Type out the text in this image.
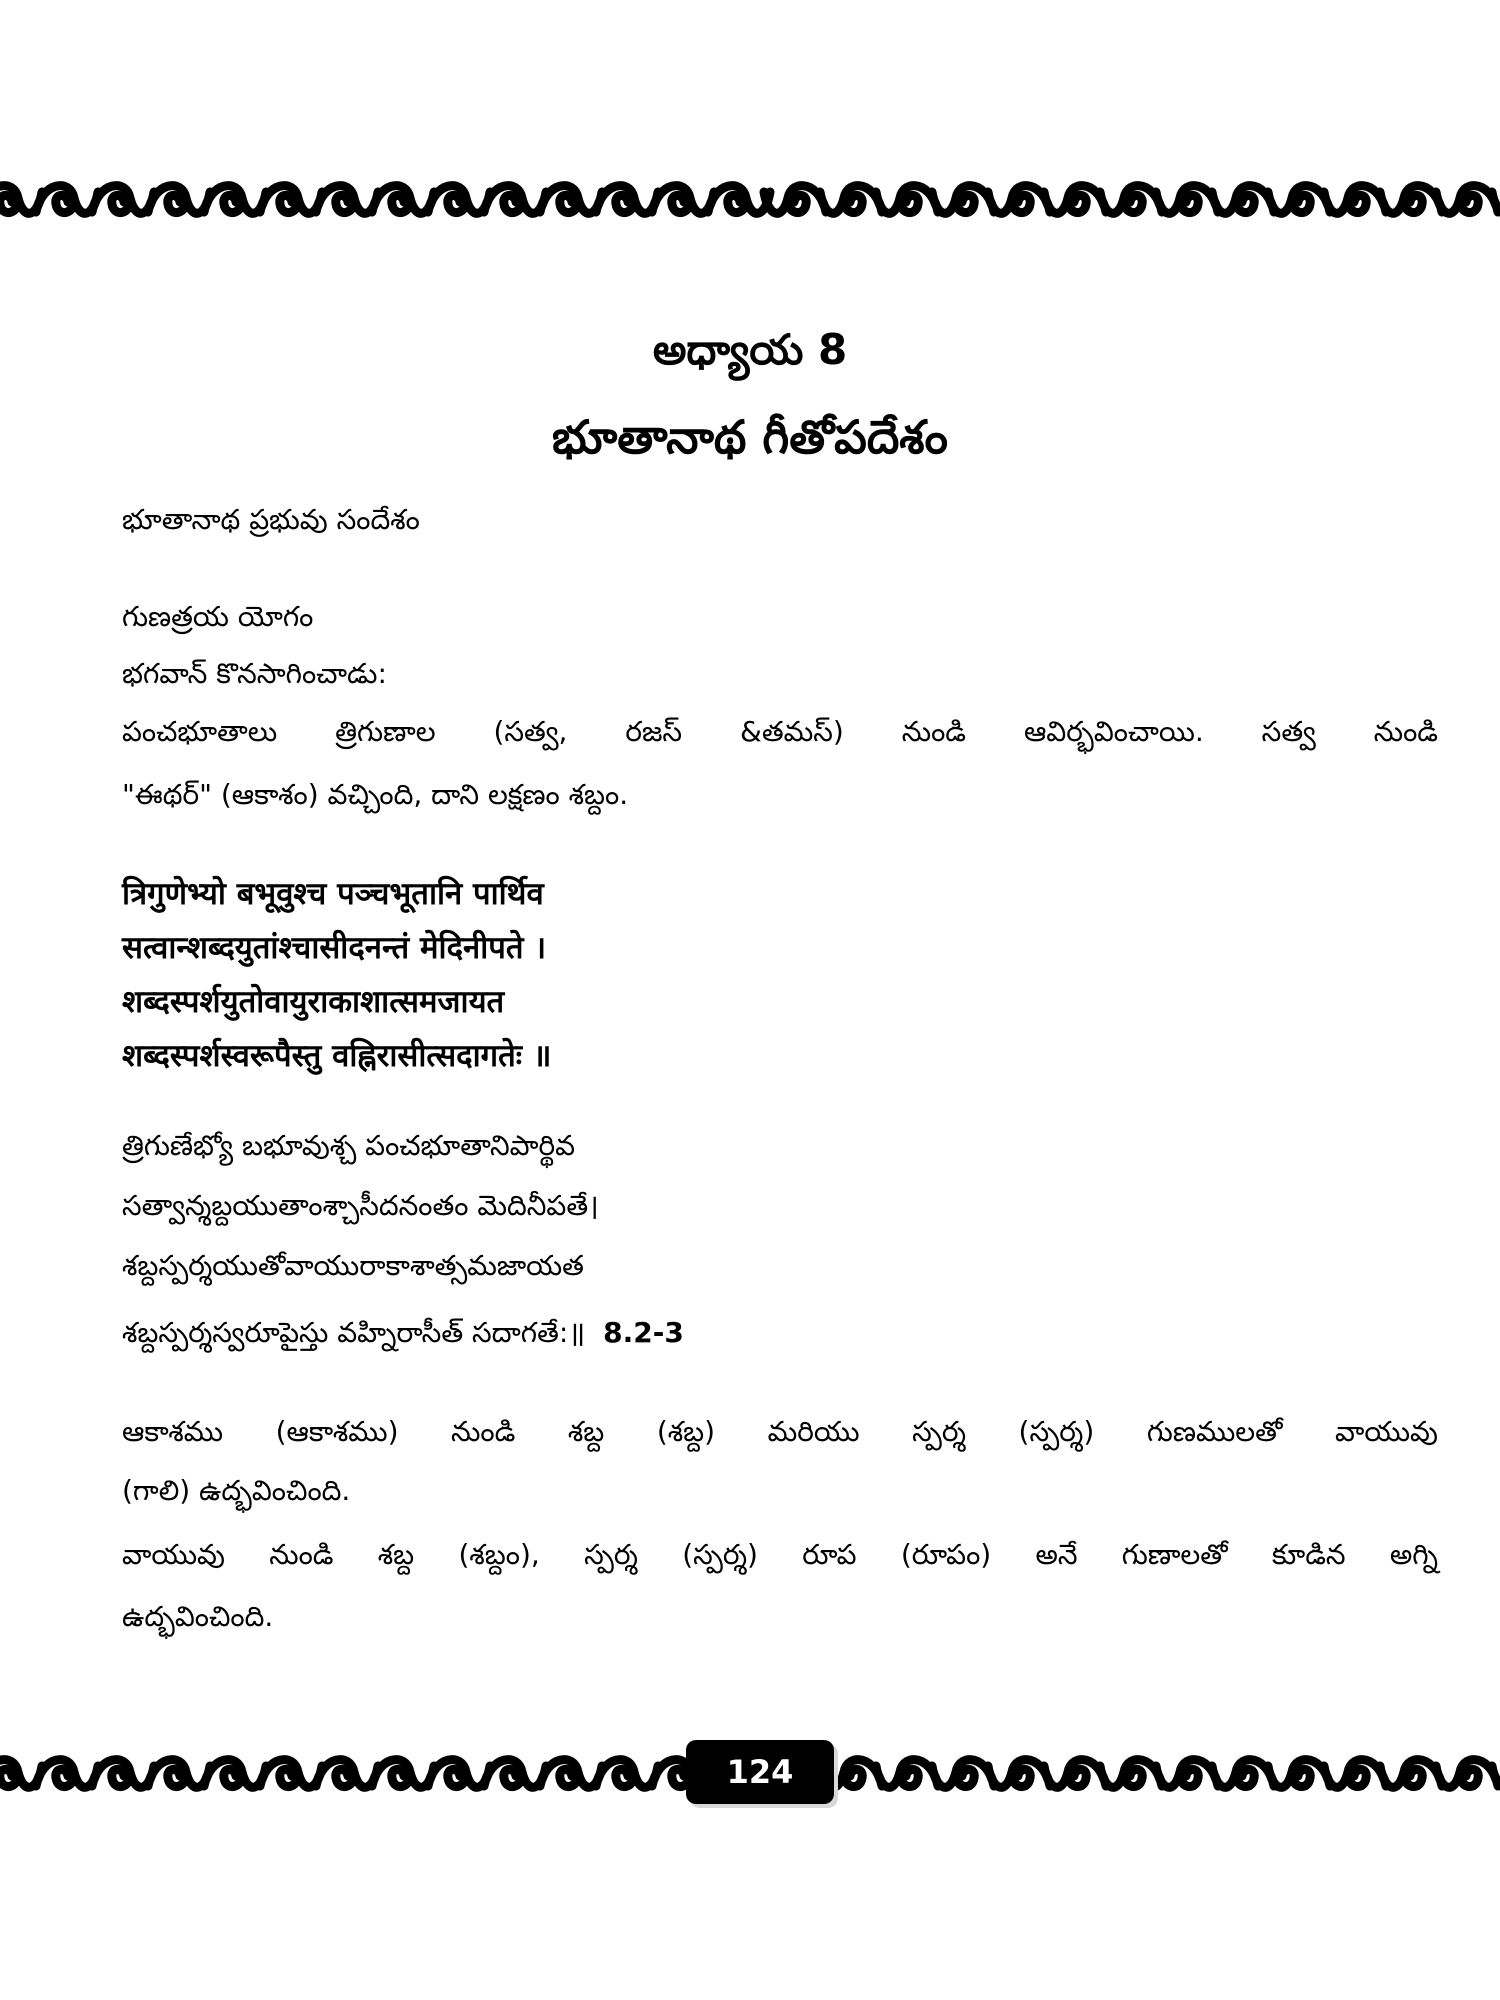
అధ్యాయ 8
భూతానాథ గీతోపదేశం
భూతానాథ ప్రభువు సందేశం
గుణత్రయ యోగం
భగవాన్ కొనసాగించాడు:
పంచభూతాలు త్రిగుణాల (సత్వ, రజస్ &తమస్) నుండి ఆవిర్భవించాయి. సత్వ నుండి
"ఈథర్" (ఆకాశం) వచ్చింది, దాని లక్షణం శబ్దం.
त्रिगुणेभ्यो बभूवुश्च पञ्चभूतानि पार्थिव
सत्वान्शब्दयुतांश्चासीदनन्तं मेदिनीपते ।
शब्दस्पर्शयुतोवायुराकाशात्समजायत
शब्दस्पर्शस्वरूपैस्तु वह्निरासीत्सदागतेः ॥
త్రిగుణేభ్యో బభూవుశ్చ పంచభూతానిపార్థివ
సత్వాన్శబ్దయుతాంశ్చాసీదనంతం మెదినీపతే।
శబ్దస్పర్శయుతోవాయురాకాశాత్సమజాయత
శబ్దస్పర్శస్వరూపైస్తు వహ్నిరాసీత్ సదాగతే:॥ 8.2-3
ఆకాశము (ఆకాశము) నుండి శబ్ద (శబ్ద) మరియు స్పర్శ (స్పర్శ) గుణములతో వాయువు
(గాలి) ఉద్భవించింది.
వాయువు నుండి శబ్ద (శబ్దం), స్పర్శ (స్పర్శ) రూప (రూపం) అనే గుణాలతో కూడిన అగ్ని
ఉద్భవించింది.
124
